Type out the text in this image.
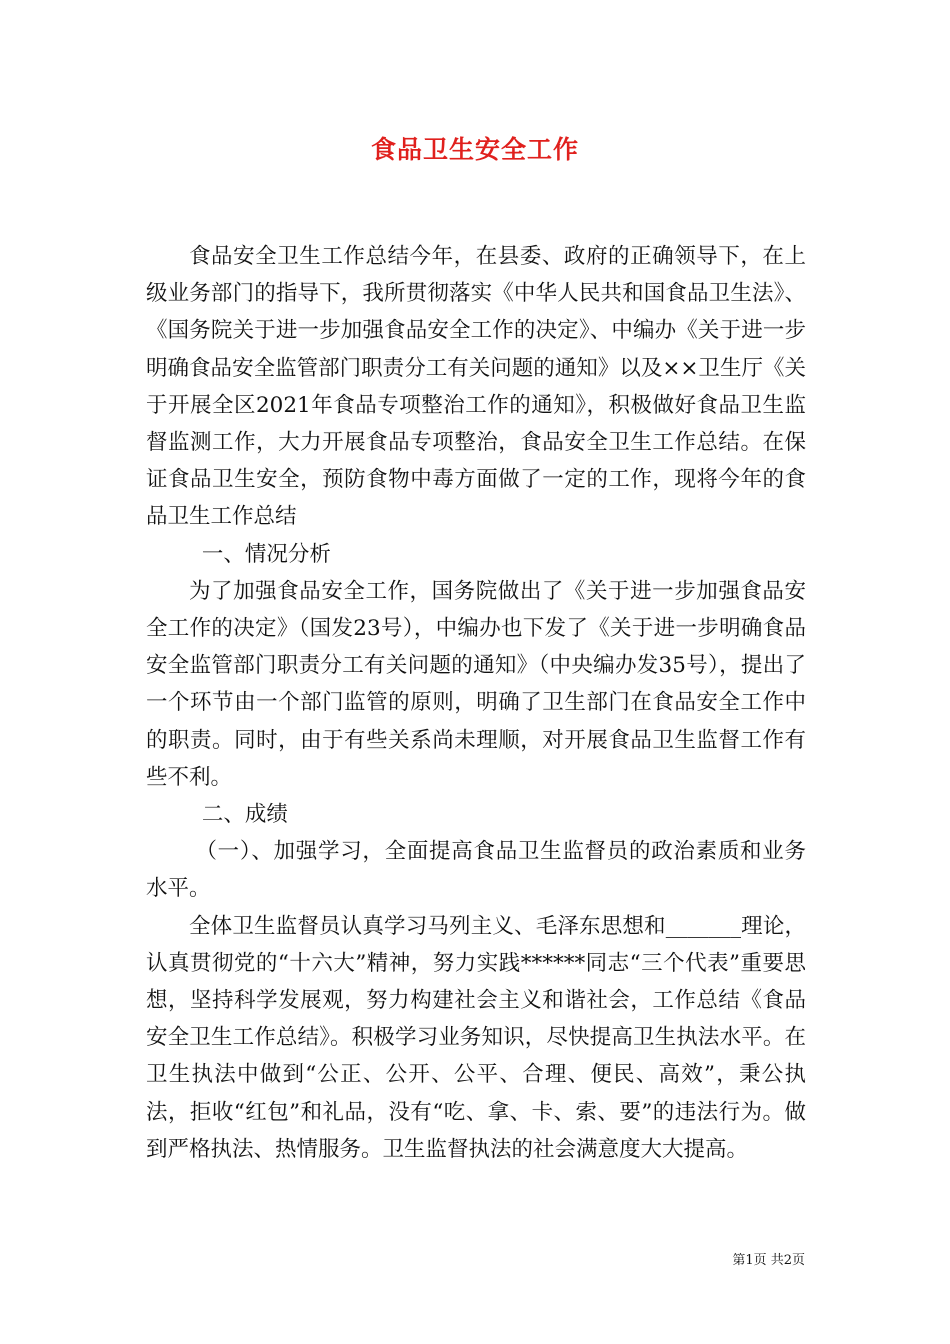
食品卫生安全工作

食品安全卫生工作总结今年，在县委、政府的正确领导下，在上级业务部门的指导下，我所贯彻落实《中华人民共和国食品卫生法》、《国务院关于进一步加强食品安全工作的决定》、中编办《关于进一步明确食品安全监管部门职责分工有关问题的通知》以及××卫生厅《关于开展全区2021年食品专项整治工作的通知》，积极做好食品卫生监督监测工作，大力开展食品专项整治，食品安全卫生工作总结。在保证食品卫生安全，预防食物中毒方面做了一定的工作，现将今年的食品卫生工作总结

一、情况分析

为了加强食品安全工作，国务院做出了《关于进一步加强食品安全工作的决定》（国发23号），中编办也下发了《关于进一步明确食品安全监管部门职责分工有关问题的通知》（中央编办发35号），提出了一个环节由一个部门监管的原则，明确了卫生部门在食品安全工作中的职责。同时，由于有些关系尚未理顺，对开展食品卫生监督工作有些不利。

二、成绩

（一）、加强学习，全面提高食品卫生监督员的政治素质和业务水平。

全体卫生监督员认真学习马列主义、毛泽东思想和_______理论，认真贯彻党的“十六大”精神，努力实践******同志“三个代表”重要思想，坚持科学发展观，努力构建社会主义和谐社会，工作总结《食品安全卫生工作总结》。积极学习业务知识，尽快提高卫生执法水平。在卫生执法中做到“公正、公开、公平、合理、便民、高效”，秉公执法，拒收“红包”和礼品，没有“吃、拿、卡、索、要”的违法行为。做到严格执法、热情服务。卫生监督执法的社会满意度大大提高。

第1页 共2页
